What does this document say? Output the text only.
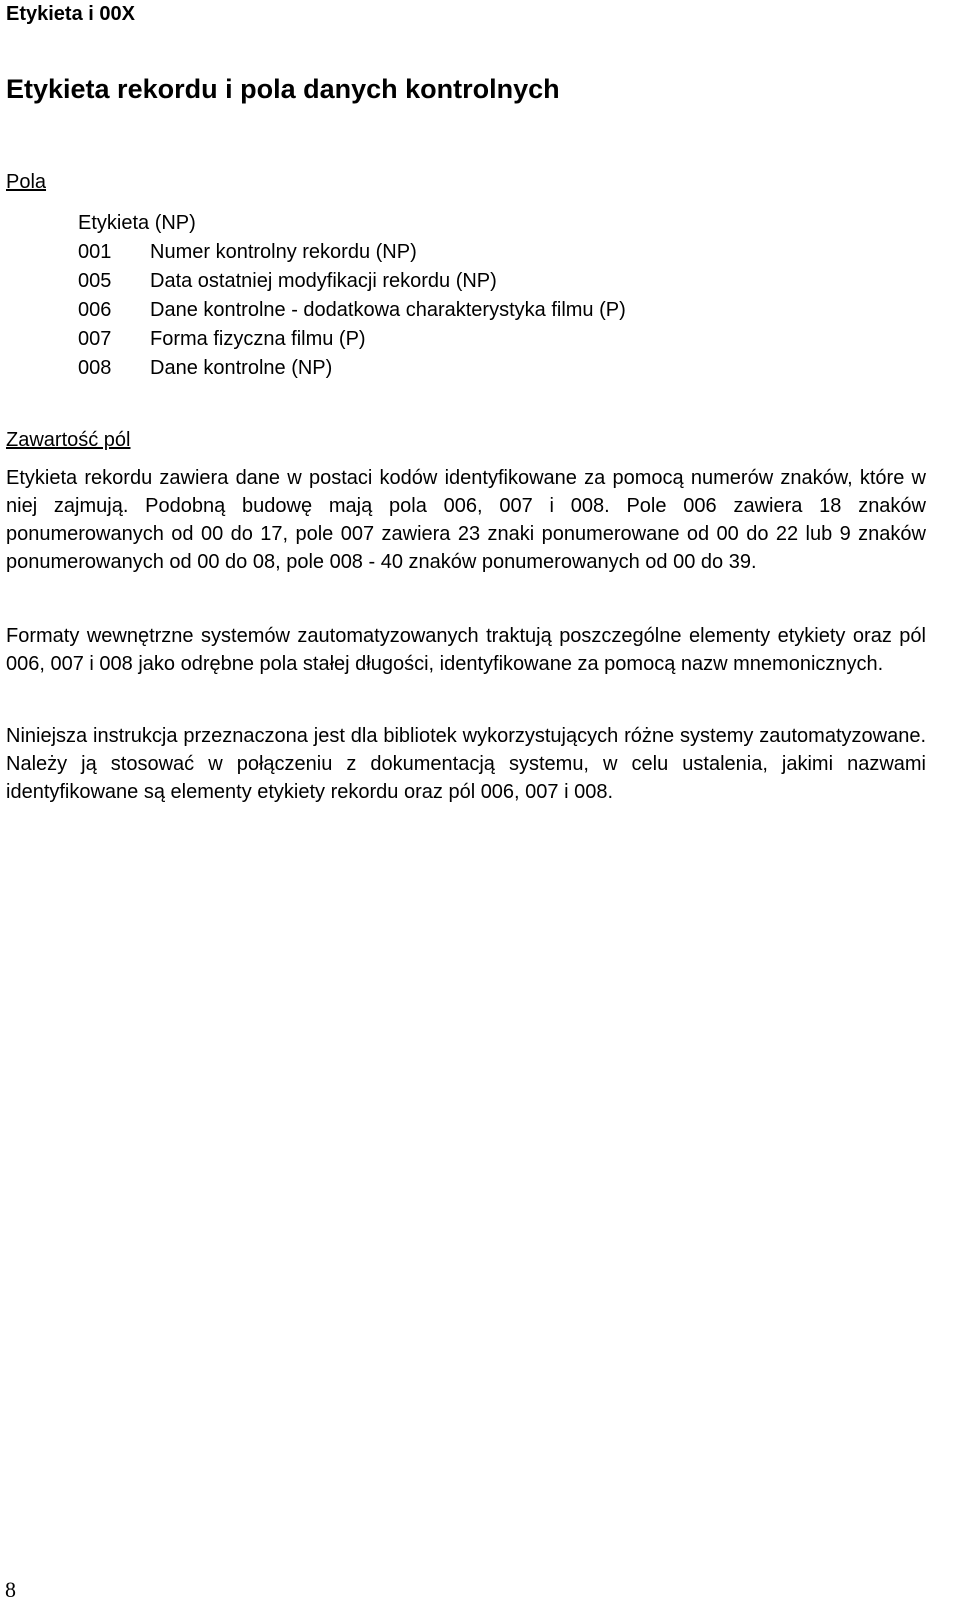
Etykieta i 00X
Etykieta rekordu i pola danych kontrolnych
Pola
Etykieta (NP)
001	Numer kontrolny rekordu (NP)
005	Data ostatniej modyfikacji rekordu (NP)
006	Dane kontrolne - dodatkowa charakterystyka filmu (P)
007	Forma fizyczna filmu (P)
008	Dane kontrolne (NP)
Zawartość pól

Etykieta rekordu zawiera dane w postaci kodów identyfikowane za pomocą numerów znaków, które w niej zajmują. Podobną budowę mają pola 006, 007 i 008. Pole 006 zawiera 18 znaków ponumerowanych od 00 do 17, pole 007 zawiera 23 znaki ponumerowane od 00 do 22 lub 9 znaków ponumerowanych od 00 do 08, pole 008 - 40 znaków ponumerowanych od 00 do 39.

Formaty wewnętrzne systemów zautomatyzowanych traktują poszczególne elementy etykiety oraz pól 006, 007 i 008 jako odrębne pola stałej długości, identyfikowane za pomocą nazw mnemonicznych.

Niniejsza instrukcja przeznaczona jest dla bibliotek wykorzystujących różne systemy zautomatyzowane. Należy ją stosować w połączeniu z dokumentacją systemu, w celu ustalenia, jakimi nazwami identyfikowane są elementy etykiety rekordu oraz pól 006, 007 i 008.

8
